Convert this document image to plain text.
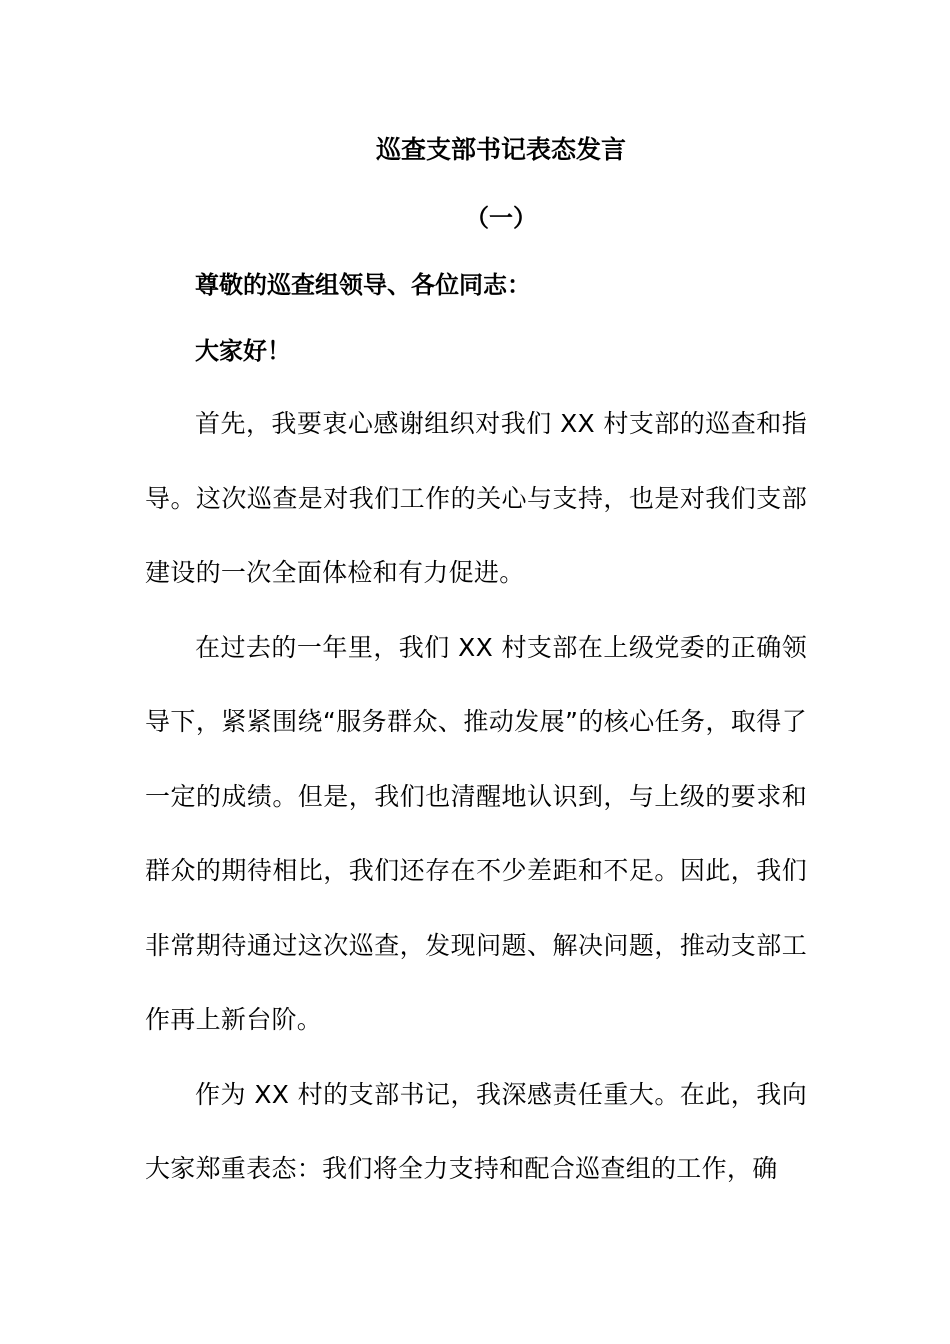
巡查支部书记表态发言
（一）
尊敬的巡查组领导、各位同志：
大家好！

首先，我要衷心感谢组织对我们 XX 村支部的巡查和指导。这次巡查是对我们工作的关心与支持，也是对我们支部建设的一次全面体检和有力促进。

在过去的一年里，我们 XX 村支部在上级党委的正确领导下，紧紧围绕“服务群众、推动发展”的核心任务，取得了一定的成绩。但是，我们也清醒地认识到，与上级的要求和群众的期待相比，我们还存在不少差距和不足。因此，我们非常期待通过这次巡查，发现问题、解决问题，推动支部工作再上新台阶。

作为 XX 村的支部书记，我深感责任重大。在此，我向大家郑重表态：我们将全力支持和配合巡查组的工作，确
